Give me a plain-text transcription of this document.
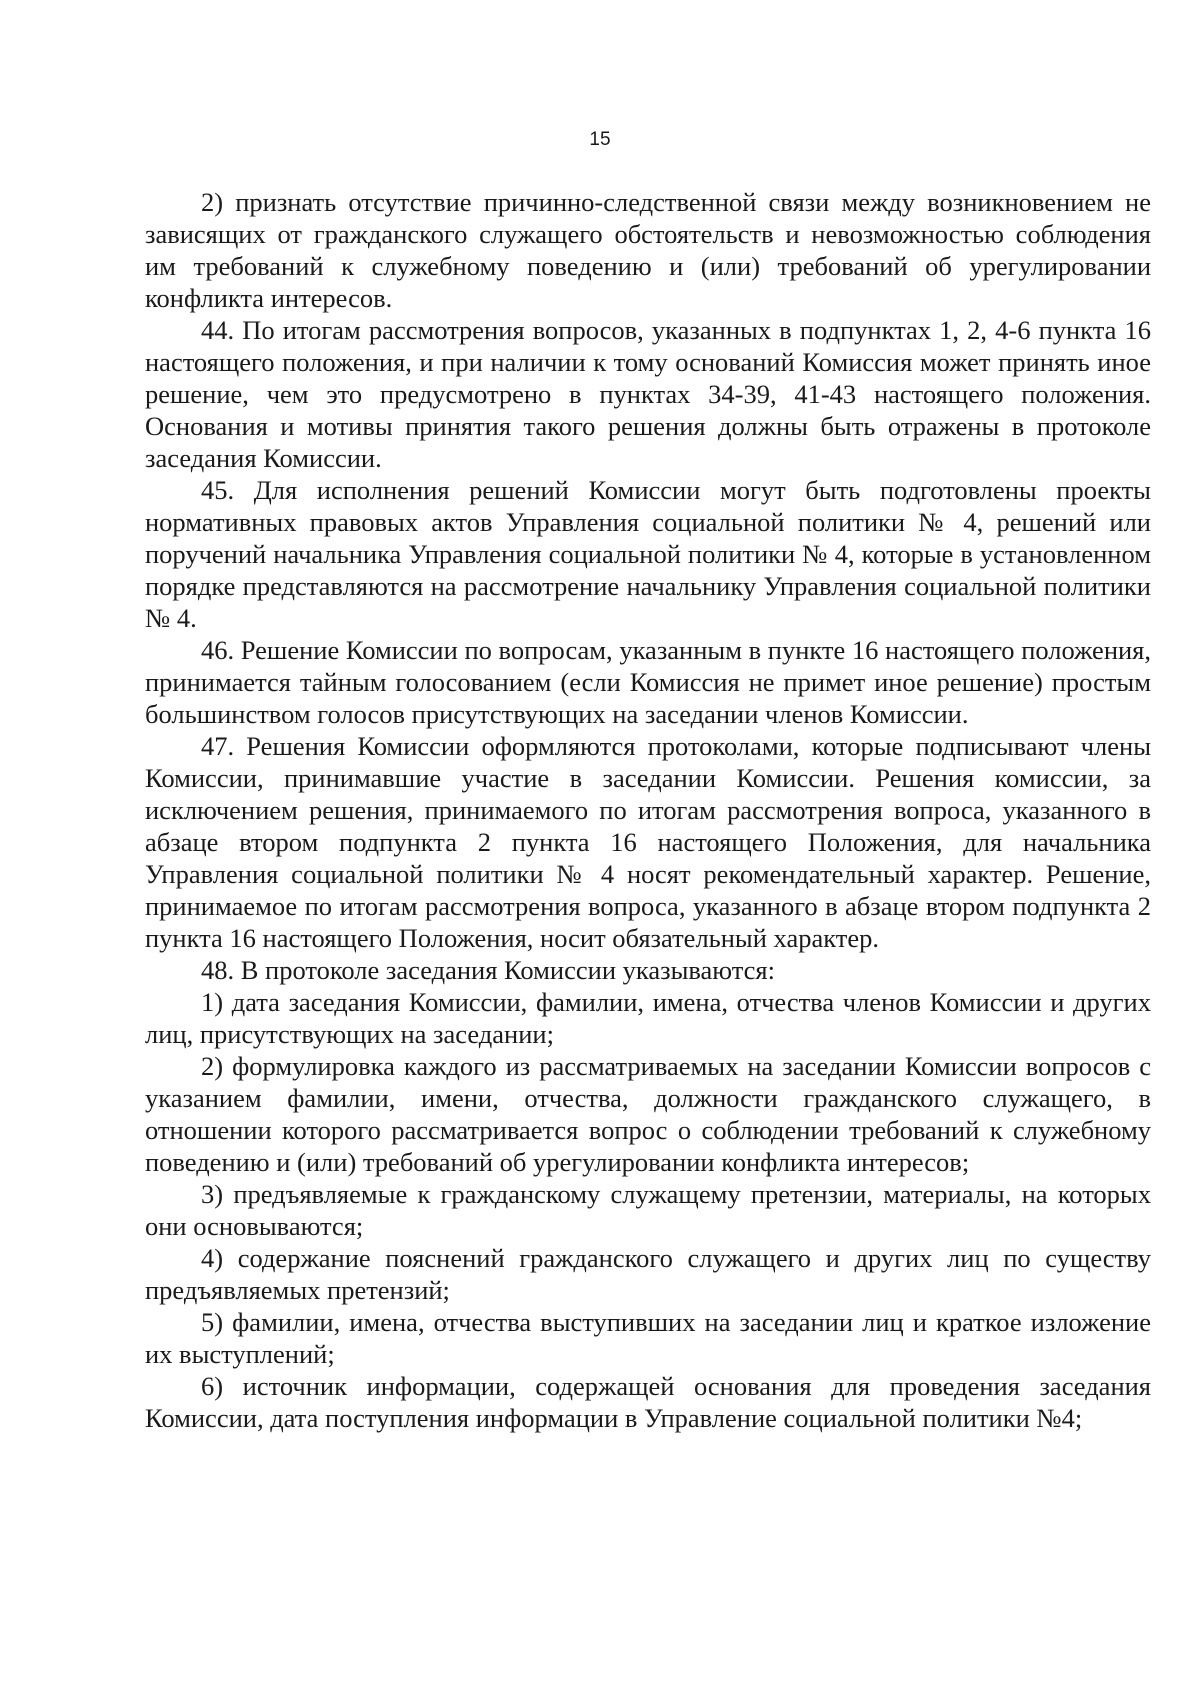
15

2) признать отсутствие причинно-следственной связи между возникновением не зависящих от гражданского служащего обстоятельств и невозможностью соблюдения им требований к служебному поведению и (или) требований об урегулировании конфликта интересов.

44. По итогам рассмотрения вопросов, указанных в подпунктах 1, 2, 4-6 пункта 16 настоящего положения, и при наличии к тому оснований Комиссия может принять иное решение, чем это предусмотрено в пунктах 34-39, 41-43 настоящего положения. Основания и мотивы принятия такого решения должны быть отражены в протоколе заседания Комиссии.

45. Для исполнения решений Комиссии могут быть подготовлены проекты нормативных правовых актов Управления социальной политики № 4, решений или поручений начальника Управления социальной политики № 4, которые в установленном порядке представляются на рассмотрение начальнику Управления социальной политики № 4.

46. Решение Комиссии по вопросам, указанным в пункте 16 настоящего положения, принимается тайным голосованием (если Комиссия не примет иное решение) простым большинством голосов присутствующих на заседании членов Комиссии.

47. Решения Комиссии оформляются протоколами, которые подписывают члены Комиссии, принимавшие участие в заседании Комиссии. Решения комиссии, за исключением решения, принимаемого по итогам рассмотрения вопроса, указанного в абзаце втором подпункта 2 пункта 16 настоящего Положения, для начальника Управления социальной политики № 4 носят рекомендательный характер. Решение, принимаемое по итогам рассмотрения вопроса, указанного в абзаце втором подпункта 2 пункта 16 настоящего Положения, носит обязательный характер.

48. В протоколе заседания Комиссии указываются:

1) дата заседания Комиссии, фамилии, имена, отчества членов Комиссии и других лиц, присутствующих на заседании;

2) формулировка каждого из рассматриваемых на заседании Комиссии вопросов с указанием фамилии, имени, отчества, должности гражданского служащего, в отношении которого рассматривается вопрос о соблюдении требований к служебному поведению и (или) требований об урегулировании конфликта интересов;

3) предъявляемые к гражданскому служащему претензии, материалы, на которых они основываются;

4) содержание пояснений гражданского служащего и других лиц по существу предъявляемых претензий;

5) фамилии, имена, отчества выступивших на заседании лиц и краткое изложение их выступлений;

6) источник информации, содержащей основания для проведения заседания Комиссии, дата поступления информации в Управление социальной политики №4;
